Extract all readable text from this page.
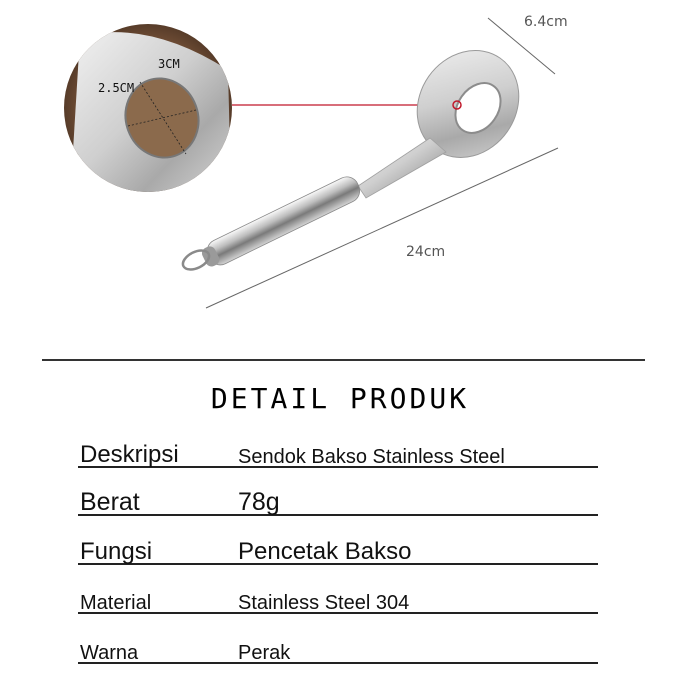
6.4cm
24cm
3CM
2.5CM
DETAIL PRODUK
Deskripsi	Sendok Bakso Stainless Steel
Berat	78g
Fungsi	Pencetak Bakso
Material	Stainless Steel 304
Warna	Perak
